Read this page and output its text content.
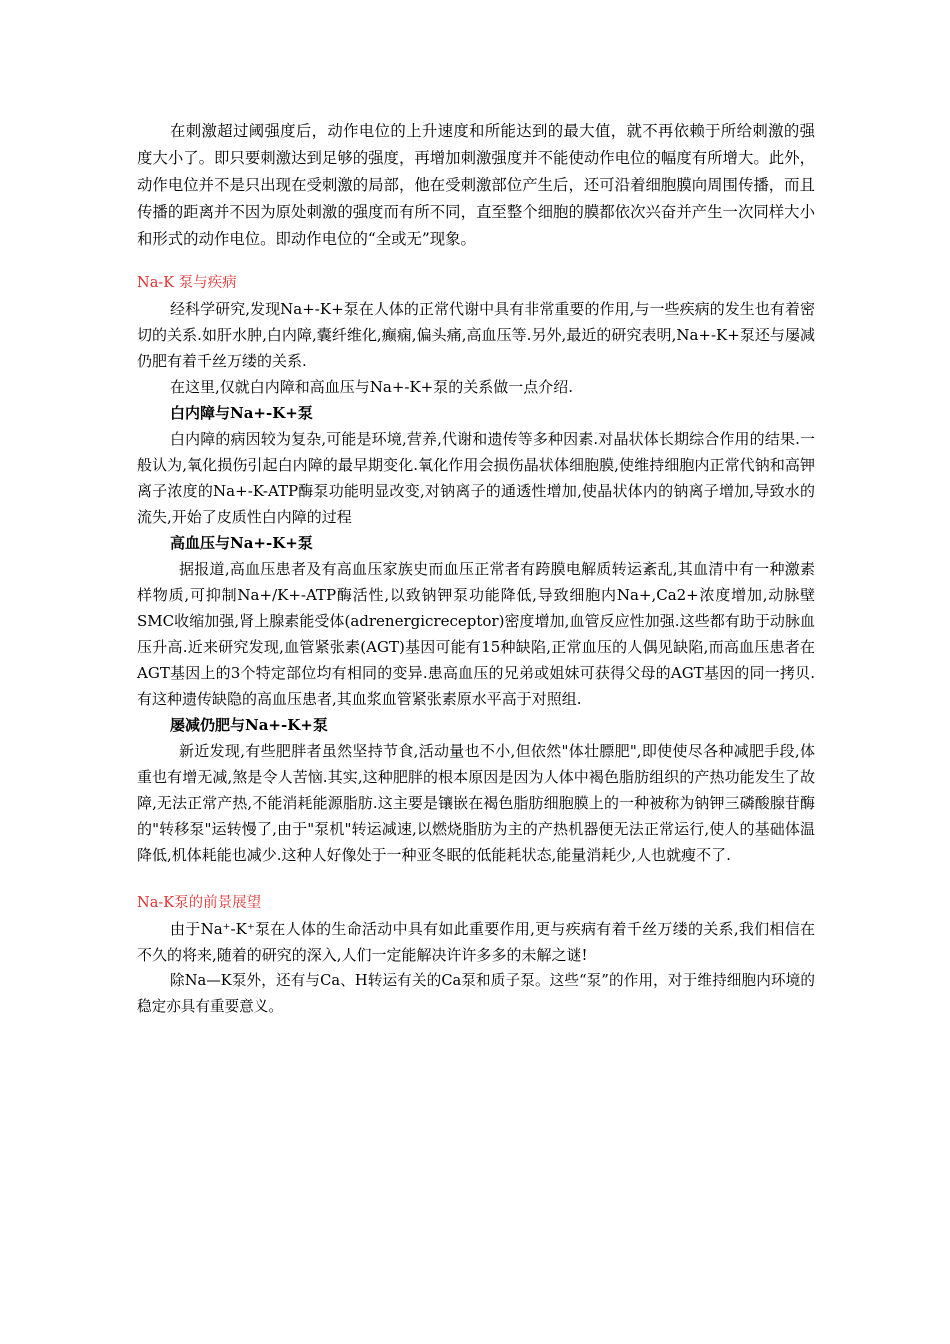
在刺激超过阈强度后，动作电位的上升速度和所能达到的最大值，就不再依赖于所给刺激的强度大小了。即只要刺激达到足够的强度，再增加刺激强度并不能使动作电位的幅度有所增大。此外，动作电位并不是只出现在受刺激的局部，他在受刺激部位产生后，还可沿着细胞膜向周围传播，而且传播的距离并不因为原处刺激的强度而有所不同，直至整个细胞的膜都依次兴奋并产生一次同样大小和形式的动作电位。即动作电位的“全或无”现象。

Na-K 泵与疾病

经科学研究,发现Na+-K+泵在人体的正常代谢中具有非常重要的作用,与一些疾病的发生也有着密切的关系.如肝水肿,白内障,囊纤维化,癫痫,偏头痛,高血压等.另外,最近的研究表明,Na+-K+泵还与屡减仍肥有着千丝万缕的关系.

在这里,仅就白内障和高血压与Na+-K+泵的关系做一点介绍.

白内障与Na+-K+泵

白内障的病因较为复杂,可能是环境,营养,代谢和遗传等多种因素.对晶状体长期综合作用的结果.一般认为,氧化损伤引起白内障的最早期变化.氧化作用会损伤晶状体细胞膜,使维持细胞内正常代钠和高钾离子浓度的Na+-K-ATP酶泵功能明显改变,对钠离子的通透性增加,使晶状体内的钠离子增加,导致水的流失,开始了皮质性白内障的过程

高血压与Na+-K+泵

据报道,高血压患者及有高血压家族史而血压正常者有跨膜电解质转运紊乱,其血清中有一种激素样物质,可抑制Na+/K+-ATP酶活性,以致钠钾泵功能降低,导致细胞内Na+,Ca2+浓度增加,动脉壁SMC收缩加强,肾上腺素能受体(adrenergicreceptor)密度增加,血管反应性加强.这些都有助于动脉血压升高.近来研究发现,血管紧张素(AGT)基因可能有15种缺陷,正常血压的人偶见缺陷,而高血压患者在AGT基因上的3个特定部位均有相同的变异.患高血压的兄弟或姐妹可获得父母的AGT基因的同一拷贝.有这种遗传缺隐的高血压患者,其血浆血管紧张素原水平高于对照组.

屡减仍肥与Na+-K+泵

新近发现,有些肥胖者虽然坚持节食,活动量也不小,但依然"体壮膘肥",即使使尽各种减肥手段,体重也有增无减,煞是令人苦恼.其实,这种肥胖的根本原因是因为人体中褐色脂肪组织的产热功能发生了故障,无法正常产热,不能消耗能源脂肪.这主要是镶嵌在褐色脂肪细胞膜上的一种被称为钠钾三磷酸腺苷酶的"转移泵"运转慢了,由于"泵机"转运减速,以燃烧脂肪为主的产热机器便无法正常运行,使人的基础体温降低,机体耗能也减少.这种人好像处于一种亚冬眠的低能耗状态,能量消耗少,人也就瘦不了.

Na-K泵的前景展望

由于Na⁺-K⁺泵在人体的生命活动中具有如此重要作用,更与疾病有着千丝万缕的关系,我们相信在不久的将来,随着的研究的深入,人们一定能解决许许多多的未解之谜!

除Na—K泵外，还有与Ca、H转运有关的Ca泵和质子泵。这些“泵”的作用，对于维持细胞内环境的稳定亦具有重要意义。
